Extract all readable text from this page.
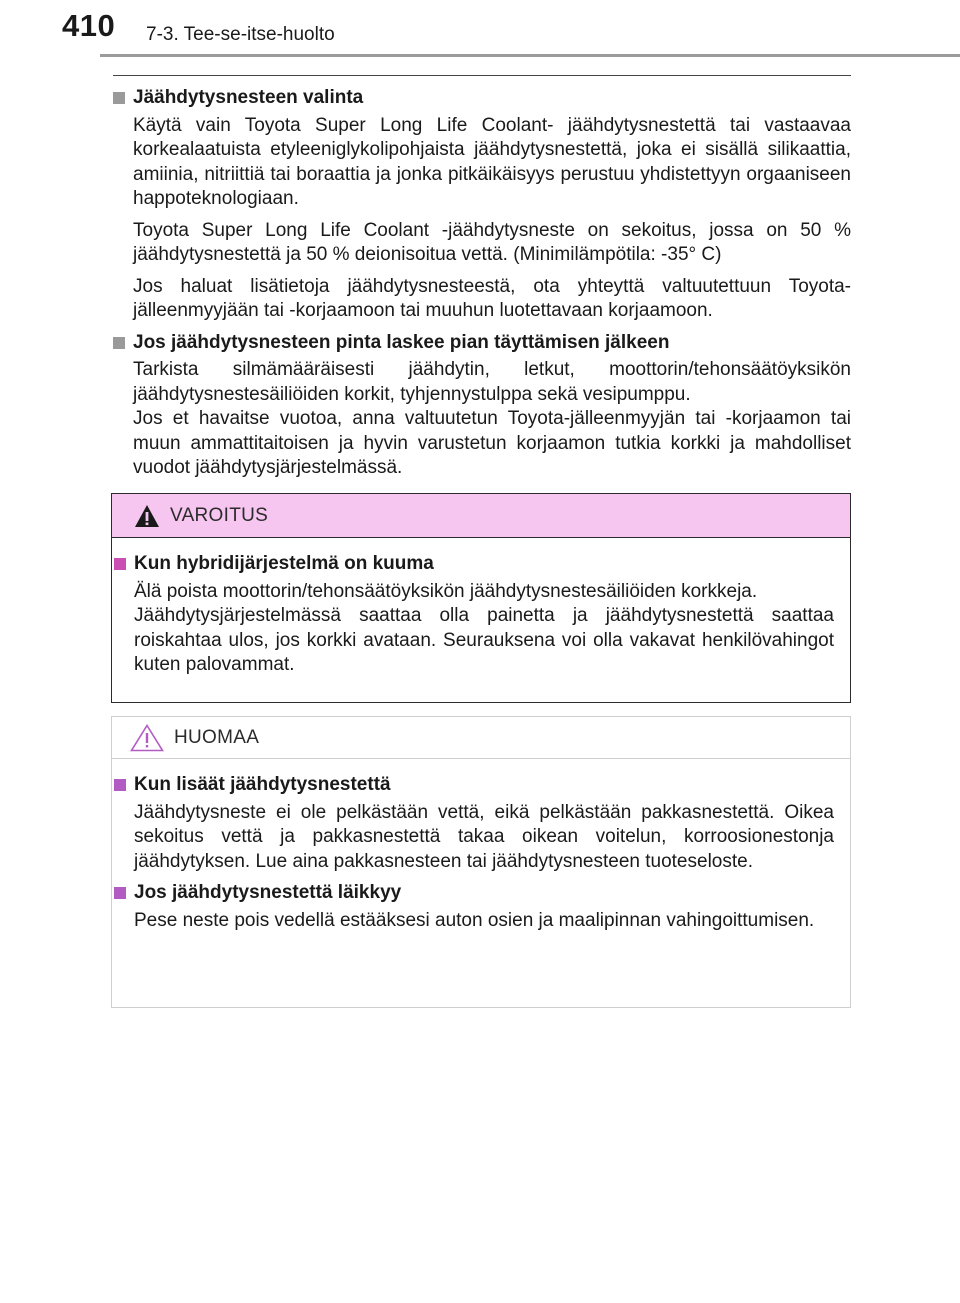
410 7-3. Tee-se-itse-huolto
Jäähdytysnesteen valinta

Käytä vain Toyota Super Long Life Coolant- jäähdytysnestettä tai vastaavaa korkealaatuista etyleeniglykolipohjaista jäähdytysnestettä, joka ei sisällä silikaattia, amiinia, nitriittiä tai boraattia ja jonka pitkäikäisyys perustuu yhdistettyyn orgaaniseen happoteknologiaan.

Toyota Super Long Life Coolant -jäähdytysneste on sekoitus, jossa on 50 % jäähdytysnestettä ja 50 % deionisoitua vettä. (Minimilämpötila: -35° C)

Jos haluat lisätietoja jäähdytysnesteestä, ota yhteyttä valtuutettuun Toyota-jälleenmyyjään tai -korjaamoon tai muuhun luotettavaan korjaamoon.

Jos jäähdytysnesteen pinta laskee pian täyttämisen jälkeen

Tarkista silmämääräisesti jäähdytin, letkut, moottorin/tehonsäätöyksikön jäähdytysnestesäiliöiden korkit, tyhjennystulppa sekä vesipumppu.

Jos et havaitse vuotoa, anna valtuutetun Toyota-jälleenmyyjän tai -korjaamon tai muun ammattitaitoisen ja hyvin varustetun korjaamon tutkia korkki ja mahdolliset vuodot jäähdytysjärjestelmässä.

VAROITUS
Kun hybridijärjestelmä on kuuma

Älä poista moottorin/tehonsäätöyksikön jäähdytysnestesäiliöiden korkkeja.

Jäähdytysjärjestelmässä saattaa olla painetta ja jäähdytysnestettä saattaa roiskahtaa ulos, jos korkki avataan. Seurauksena voi olla vakavat henkilövahingot kuten palovammat.

HUOMAA
Kun lisäät jäähdytysnestettä

Jäähdytysneste ei ole pelkästään vettä, eikä pelkästään pakkasnestettä. Oikea sekoitus vettä ja pakkasnestettä takaa oikean voitelun, korroosionestonja jäähdytyksen. Lue aina pakkasnesteen tai jäähdytysnesteen tuoteseloste.

Jos jäähdytysnestettä läikkyy

Pese neste pois vedellä estääksesi auton osien ja maalipinnan vahingoittumisen.
